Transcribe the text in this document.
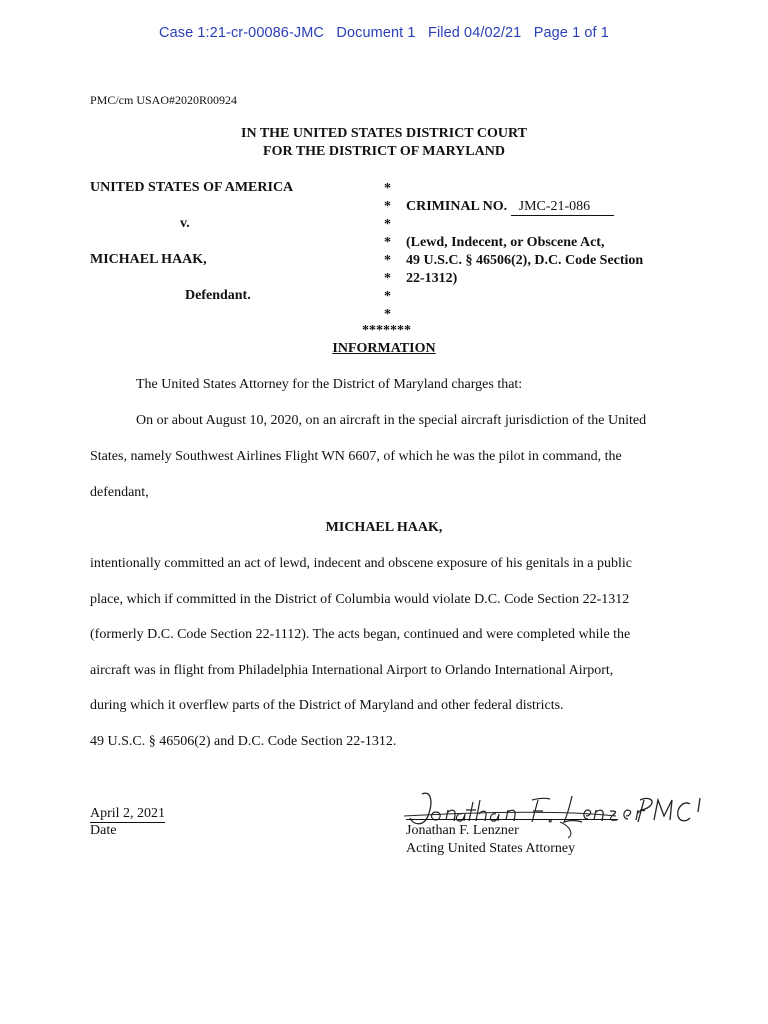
Case 1:21-cr-00086-JMC Document 1 Filed 04/02/21 Page 1 of 1
PMC/cm USAO#2020R00924
IN THE UNITED STATES DISTRICT COURT
FOR THE DISTRICT OF MARYLAND
UNITED STATES OF AMERICA
v.
MICHAEL HAAK,
Defendant.
*
*
*
*
*
*
*
*
*******
CRIMINAL NO. JMC-21-086
(Lewd, Indecent, or Obscene Act,
49 U.S.C. § 46506(2), D.C. Code Section
22-1312)
INFORMATION
The United States Attorney for the District of Maryland charges that:
On or about August 10, 2020, on an aircraft in the special aircraft jurisdiction of the United
States, namely Southwest Airlines Flight WN 6607, of which he was the pilot in command, the
defendant,
MICHAEL HAAK,
intentionally committed an act of lewd, indecent and obscene exposure of his genitals in a public
place, which if committed in the District of Columbia would violate D.C. Code Section 22-1312
(formerly D.C. Code Section 22-1112). The acts began, continued and were completed while the
aircraft was in flight from Philadelphia International Airport to Orlando International Airport,
during which it overflew parts of the District of Maryland and other federal districts.
49 U.S.C. § 46506(2) and D.C. Code Section 22-1312.
April 2, 2021
Date	Jonathan F. Lenzner
Acting United States Attorney
